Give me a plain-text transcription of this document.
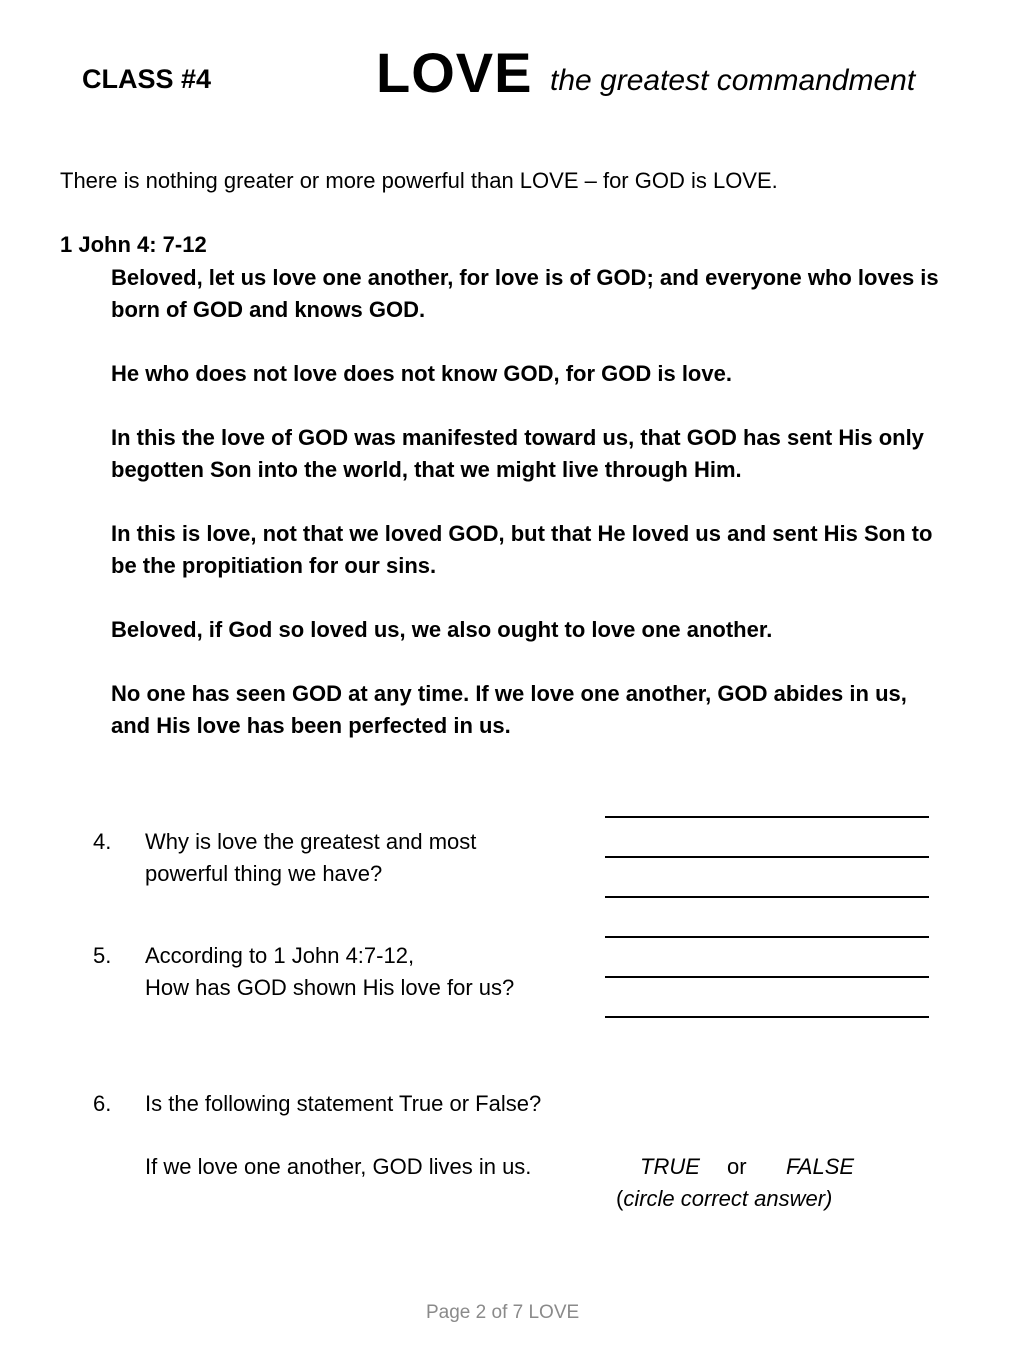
CLASS #4	LOVE the greatest commandment
There is nothing greater or more powerful than LOVE – for GOD is LOVE.
1 John 4: 7-12
Beloved, let us love one another, for love is of GOD; and everyone who loves is
born of GOD and knows GOD.
He who does not love does not know GOD, for GOD is love.
In this the love of GOD was manifested toward us, that GOD has sent His only
begotten Son into the world, that we might live through Him.
In this is love, not that we loved GOD, but that He loved us and sent His Son to
be the propitiation for our sins.
Beloved, if God so loved us, we also ought to love one another.
No one has seen GOD at any time. If we love one another, GOD abides in us,
and His love has been perfected in us.
4. Why is love the greatest and most
powerful thing we have?
5. According to 1 John 4:7-12,
How has GOD shown His love for us?
6. Is the following statement True or False?
If we love one another, GOD lives in us.	TRUE or FALSE
(circle correct answer)
Page 2 of 7 LOVE
